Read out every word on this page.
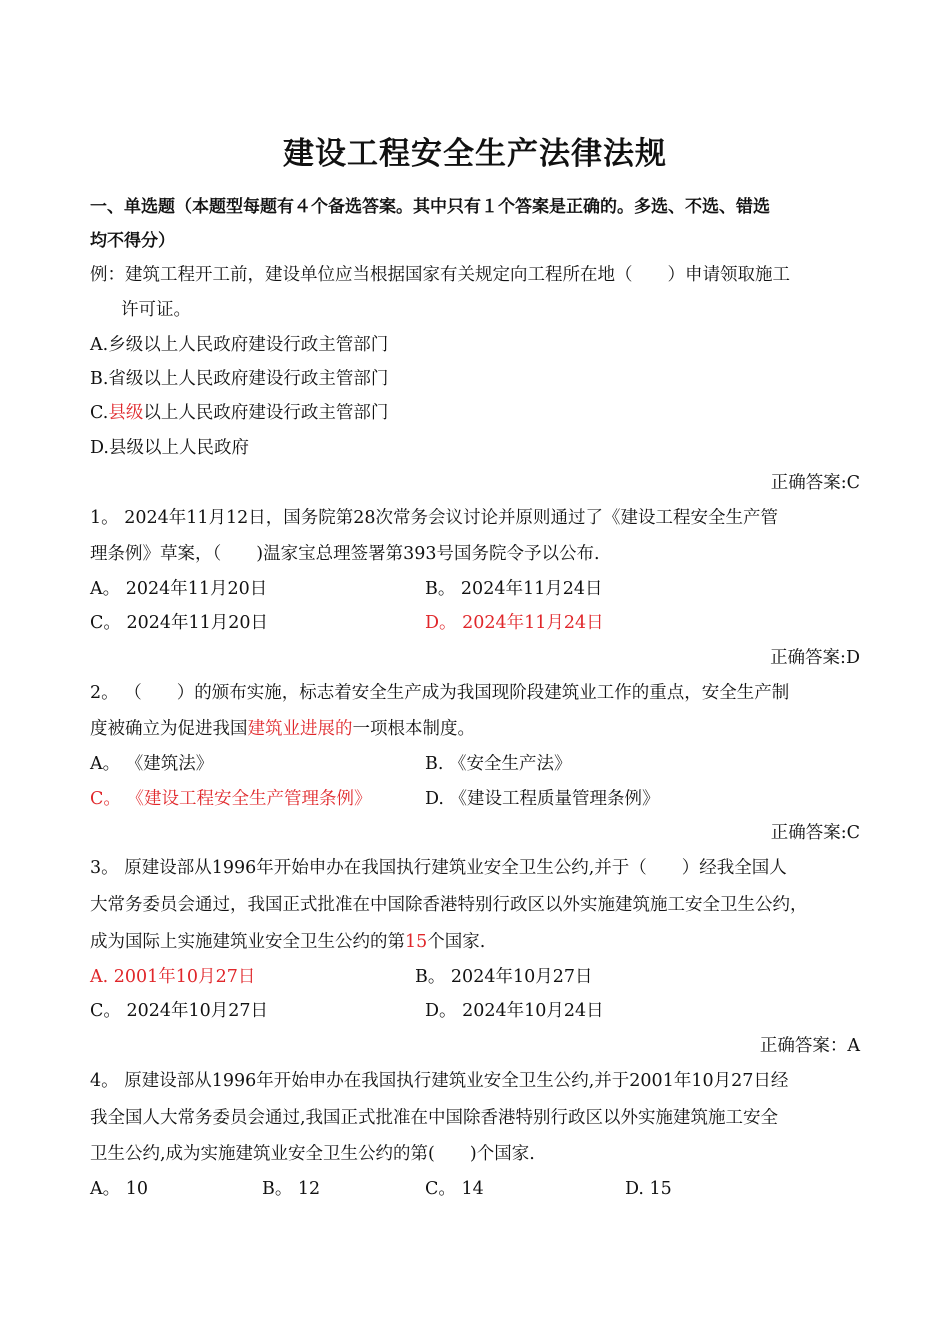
建设工程安全生产法律法规
一、单选题（本题型每题有４个备选答案。其中只有１个答案是正确的。多选、不选、错选
均不得分）
例：建筑工程开工前，建设单位应当根据国家有关规定向工程所在地（　　）申请领取施工
许可证。
A.乡级以上人民政府建设行政主管部门
B.省级以上人民政府建设行政主管部门
C.县级以上人民政府建设行政主管部门
D.县级以上人民政府
正确答案:C
1。 2024年11月12日，国务院第28次常务会议讨论并原则通过了《建设工程安全生产管
理条例》草案，（　　)温家宝总理签署第393号国务院令予以公布.
A。 2024年11月20日	B。 2024年11月24日
C。 2024年11月20日	D。 2024年11月24日
正确答案:D
2。 （　　）的颁布实施，标志着安全生产成为我国现阶段建筑业工作的重点，安全生产制
度被确立为促进我国建筑业进展的一项根本制度。
A。 《建筑法》	B. 《安全生产法》
C。 《建设工程安全生产管理条例》	D. 《建设工程质量管理条例》
正确答案:C
3。 原建设部从1996年开始申办在我国执行建筑业安全卫生公约,并于（　　）经我全国人
大常务委员会通过，我国正式批准在中国除香港特别行政区以外实施建筑施工安全卫生公约，
成为国际上实施建筑业安全卫生公约的第15个国家.
A. 2001年10月27日	B。 2024年10月27日
C。 2024年10月27日	D。 2024年10月24日
正确答案：A
4。 原建设部从1996年开始申办在我国执行建筑业安全卫生公约,并于2001年10月27日经
我全国人大常务委员会通过,我国正式批准在中国除香港特别行政区以外实施建筑施工安全
卫生公约,成为实施建筑业安全卫生公约的第(　　)个国家.
A。 10	B。 12	C。 14	D. 15
